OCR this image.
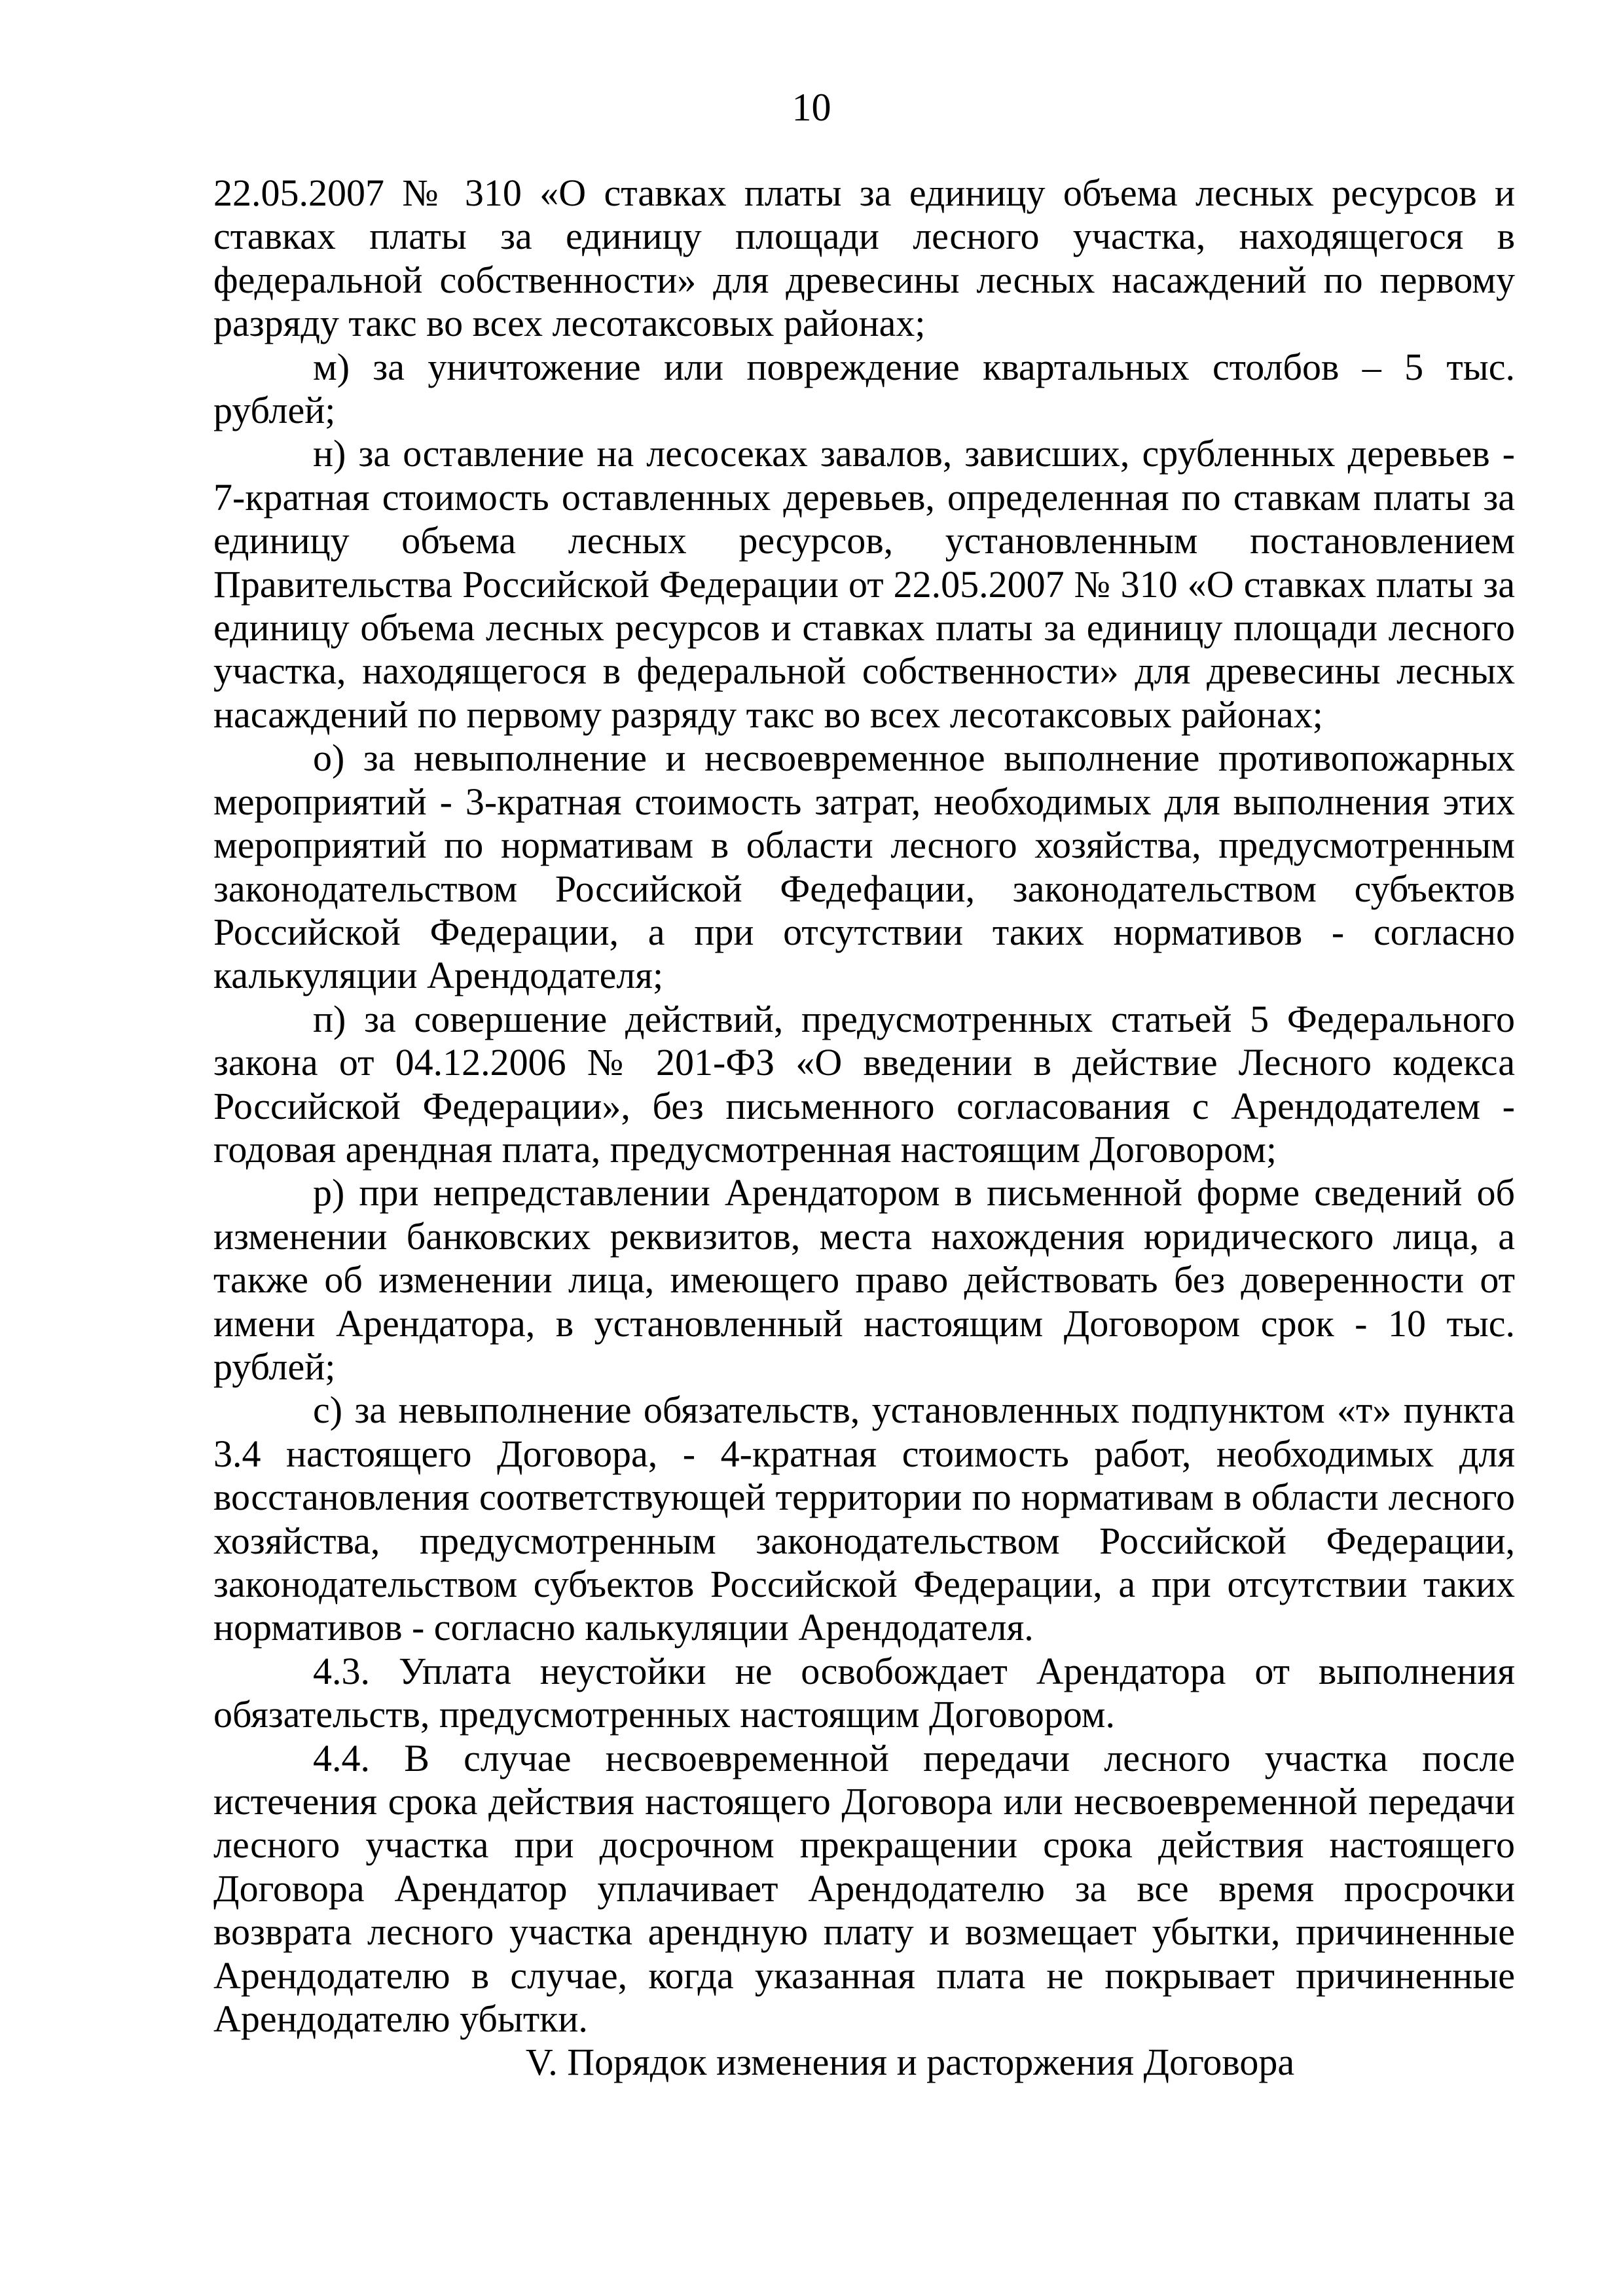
10

22.05.2007 № 310 «О ставках платы за единицу объема лесных ресурсов и ставках платы за единицу площади лесного участка, находящегося в федеральной собственности» для древесины лесных насаждений по первому разряду такс во всех лесотаксовых районах;

м) за уничтожение или повреждение квартальных столбов – 5 тыс. рублей;

н) за оставление на лесосеках завалов, зависших, срубленных деревьев - 7-кратная стоимость оставленных деревьев, определенная по ставкам платы за единицу объема лесных ресурсов, установленным постановлением Правительства Российской Федерации от 22.05.2007 № 310 «О ставках платы за единицу объема лесных ресурсов и ставках платы за единицу площади лесного участка, находящегося в федеральной собственности» для древесины лесных насаждений по первому разряду такс во всех лесотаксовых районах;

о) за невыполнение и несвоевременное выполнение противопожарных мероприятий - 3-кратная стоимость затрат, необходимых для выполнения этих мероприятий по нормативам в области лесного хозяйства, предусмотренным законодательством Российской Федефации, законодательством субъектов Российской Федерации, а при отсутствии таких нормативов - согласно калькуляции Арендодателя;

п) за совершение действий, предусмотренных статьей 5 Федерального закона от 04.12.2006 № 201-ФЗ «О введении в действие Лесного кодекса Российской Федерации», без письменного согласования с Арендодателем - годовая арендная плата, предусмотренная настоящим Договором;

р) при непредставлении Арендатором в письменной форме сведений об изменении банковских реквизитов, места нахождения юридического лица, а также об изменении лица, имеющего право действовать без доверенности от имени Арендатора, в установленный настоящим Договором срок - 10 тыс. рублей;

с) за невыполнение обязательств, установленных подпунктом «т» пункта 3.4 настоящего Договора, - 4-кратная стоимость работ, необходимых для восстановления соответствующей территории по нормативам в области лесного хозяйства, предусмотренным законодательством Российской Федерации, законодательством субъектов Российской Федерации, а при отсутствии таких нормативов - согласно калькуляции Арендодателя.

4.3. Уплата неустойки не освобождает Арендатора от выполнения обязательств, предусмотренных настоящим Договором.

4.4. В случае несвоевременной передачи лесного участка после истечения срока действия настоящего Договора или несвоевременной передачи лесного участка при досрочном прекращении срока действия настоящего Договора Арендатор уплачивает Арендодателю за все время просрочки возврата лесного участка арендную плату и возмещает убытки, причиненные Арендодателю в случае, когда указанная плата не покрывает причиненные Арендодателю убытки.

V. Порядок изменения и расторжения Договора
